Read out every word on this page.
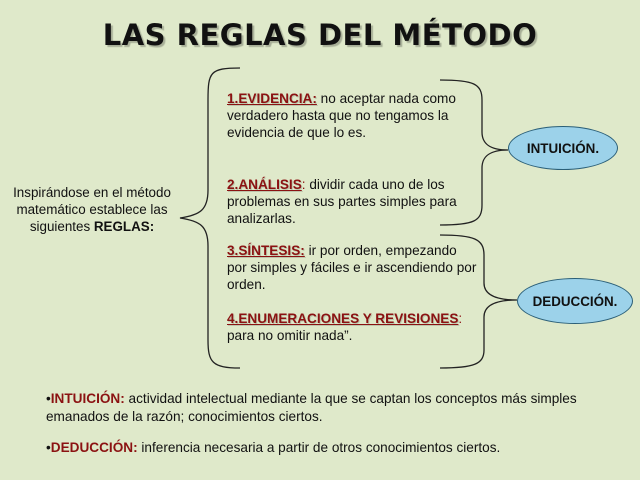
LAS REGLAS DEL MÉTODO
Inspirándose en el método matemático establece las siguientes REGLAS:
1.EVIDENCIA: no aceptar nada como verdadero hasta que no tengamos la evidencia de que lo es.
2.ANÁLISIS: dividir cada uno de los problemas en sus partes simples para analizarlas.
3.SÍNTESIS: ir por orden, empezando por simples y fáciles e ir ascendiendo por orden.
4.ENUMERACIONES Y REVISIONES: para no omitir nada”.
INTUICIÓN.
DEDUCCIÓN.
•INTUICIÓN: actividad intelectual mediante la que se captan los conceptos más simples emanados de la razón; conocimientos ciertos.
•DEDUCCIÓN: inferencia necesaria a partir de otros conocimientos ciertos.
